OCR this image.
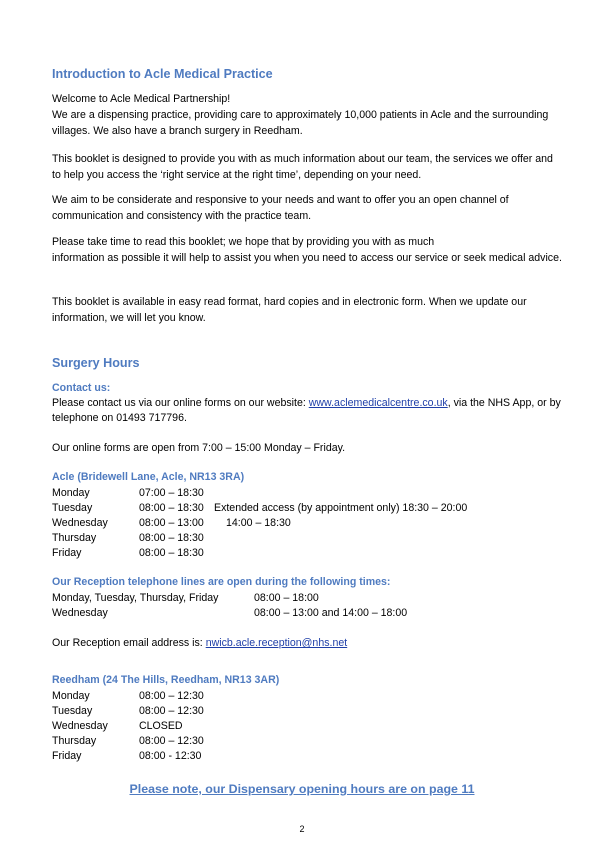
Introduction to Acle Medical Practice
Welcome to Acle Medical Partnership!
We are a dispensing practice, providing care to approximately 10,000 patients in Acle and the surrounding villages. We also have a branch surgery in Reedham.
This booklet is designed to provide you with as much information about our team, the services we offer and to help you access the ‘right service at the right time’, depending on your need.
We aim to be considerate and responsive to your needs and want to offer you an open channel of communication and consistency with the practice team.
Please take time to read this booklet; we hope that by providing you with as much
information as possible it will help to assist you when you need to access our service or seek medical advice.
This booklet is available in easy read format, hard copies and in electronic form. When we update our information, we will let you know.
Surgery Hours
Contact us:
Please contact us via our online forms on our website: www.aclemedicalcentre.co.uk, via the NHS App, or by telephone on 01493 717796.
Our online forms are open from 7:00 – 15:00 Monday – Friday.
Acle (Bridewell Lane, Acle, NR13 3RA)
Monday	07:00 – 18:30
Tuesday	08:00 – 18:30 Extended access (by appointment only) 18:30 – 20:00
Wednesday	08:00 – 13:00 14:00 – 18:30
Thursday	08:00 – 18:30
Friday	08:00 – 18:30
Our Reception telephone lines are open during the following times:
Monday, Tuesday, Thursday, Friday	08:00 – 18:00
Wednesday	08:00 – 13:00 and 14:00 – 18:00
Our Reception email address is: nwicb.acle.reception@nhs.net
Reedham (24 The Hills, Reedham, NR13 3AR)
Monday	08:00 – 12:30
Tuesday	08:00 – 12:30
Wednesday	CLOSED
Thursday	08:00 – 12:30
Friday	08:00 - 12:30
Please note, our Dispensary opening hours are on page 11
2
